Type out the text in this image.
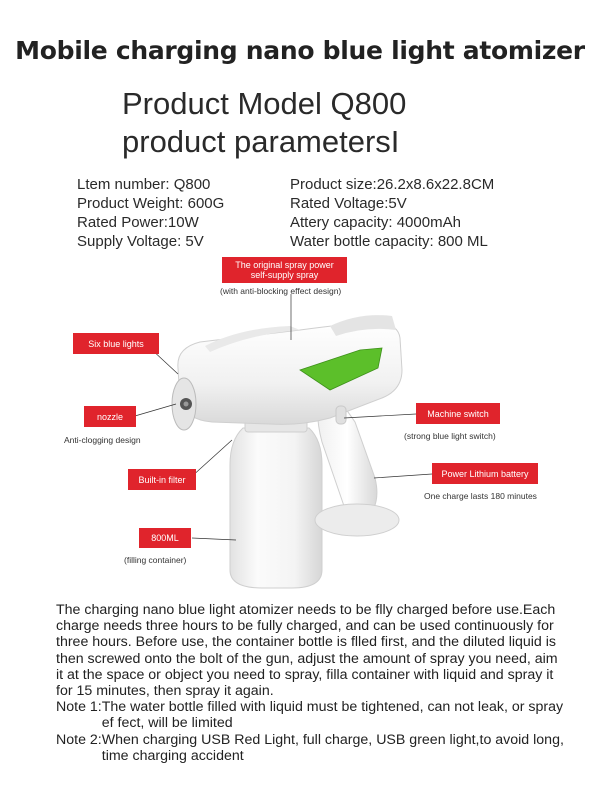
Mobile charging nano blue light atomizer
Product Model Q800
product parametersI
Ltem number: Q800
Product Weight: 600G
Rated Power:10W
Supply Voltage: 5V
Product size:26.2x8.6x22.8CM
Rated Voltage:5V
Attery capacity: 4000mAh
Water bottle capacity: 800 ML
The original spray power
self-supply spray
(with anti-blocking effect design)
Six blue lights
nozzle
Anti-clogging design
Built-in filter
800ML
(filling container)
Machine switch
(strong blue light switch)
Power Lithium battery
One charge lasts 180 minutes

The charging nano blue light atomizer needs to be flly charged before use.Each charge needs three hours to be fully charged, and can be used continuously for three hours. Before use, the container bottle is flled first, and the diluted liquid is then screwed onto the bolt of the gun, adjust the amount of spray you need, aim it at the space or object you need to spray, filla container with liquid and spray it for 15 minutes, then spray it again.

Note 1: The water bottle filled with liquid must be tightened, can not leak, or spray ef fect, will be limited
Note 2: When charging USB Red Light, full charge, USB green light,to avoid long, time charging accident
